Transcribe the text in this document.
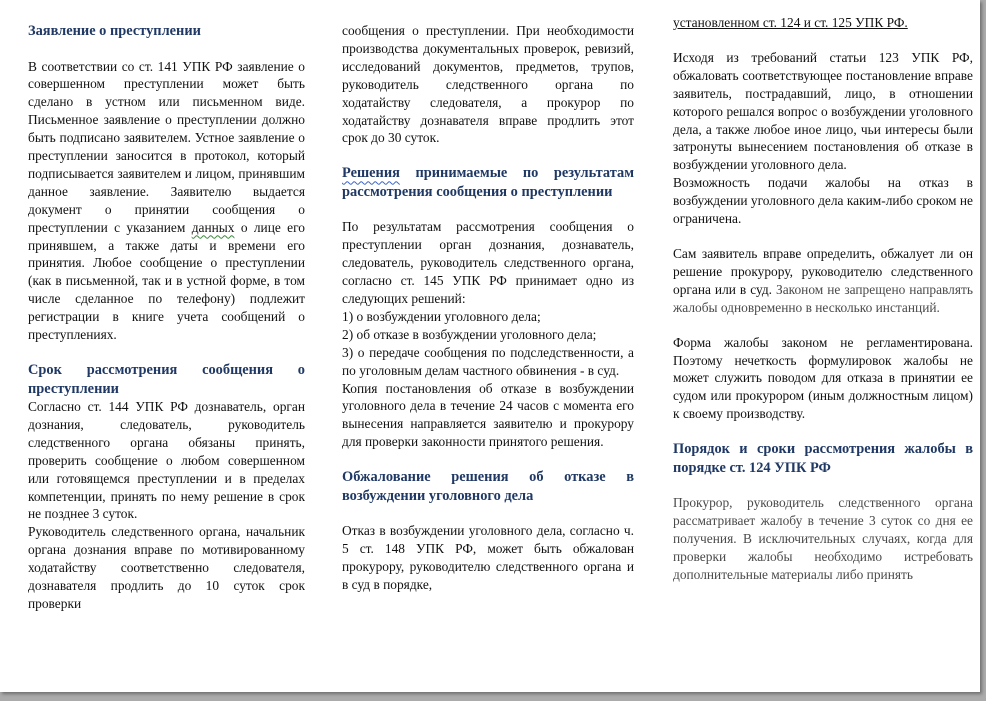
Заявление о преступлении

В соответствии со ст. 141 УПК РФ заявление о совершенном преступлении может быть сделано в устном или письменном виде. Письменное заявление о преступлении должно быть подписано заявителем. Устное заявление о преступлении заносится в протокол, который подписывается заявителем и лицом, принявшим данное заявление. Заявителю выдается документ о принятии сообщения о преступлении с указанием данных о лице его принявшем, а также даты и времени его принятия. Любое сообщение о преступлении (как в письменной, так и в устной форме, в том числе сделанное по телефону) подлежит регистрации в книге учета сообщений о преступлениях.

Срок рассмотрения сообщения о преступлении

Согласно ст. 144 УПК РФ дознаватель, орган дознания, следователь, руководитель следственного органа обязаны принять, проверить сообщение о любом совершенном или готовящемся преступлении и в пределах компетенции, принять по нему решение в срок не позднее 3 суток.

Руководитель следственного органа, начальник органа дознания вправе по мотивированному ходатайству соответственно следователя, дознавателя продлить до 10 суток срок проверки

сообщения о преступлении. При необходимости производства документальных проверок, ревизий, исследований документов, предметов, трупов, руководитель следственного органа по ходатайству следователя, а прокурор по ходатайству дознавателя вправе продлить этот срок до 30 суток.

Решения принимаемые по результатам рассмотрения сообщения о преступлении

По результатам рассмотрения сообщения о преступлении орган дознания, дознаватель, следователь, руководитель следственного органа, согласно ст. 145 УПК РФ принимает одно из следующих решений:

1) о возбуждении уголовного дела;

2) об отказе в возбуждении уголовного дела;

3) о передаче сообщения по подследственности, а по уголовным делам частного обвинения - в суд.

Копия постановления об отказе в возбуждении уголовного дела в течение 24 часов с момента его вынесения направляется заявителю и прокурору для проверки законности принятого решения.

Обжалование решения об отказе в возбуждении уголовного дела

Отказ в возбуждении уголовного дела, согласно ч. 5 ст. 148 УПК РФ, может быть обжалован прокурору, руководителю следственного органа и в суд в порядке,

установленном ст. 124 и ст. 125 УПК РФ.

Исходя из требований статьи 123 УПК РФ, обжаловать соответствующее постановление вправе заявитель, пострадавший, лицо, в отношении которого решался вопрос о возбуждении уголовного дела, а также любое иное лицо, чьи интересы были затронуты вынесением постановления об отказе в возбуждении уголовного дела.

Возможность подачи жалобы на отказ в возбуждении уголовного дела каким-либо сроком не ограничена.

Сам заявитель вправе определить, обжалует ли он решение прокурору, руководителю следственного органа или в суд. Законом не запрещено направлять жалобы одновременно в несколько инстанций.

Форма жалобы законом не регламентирована. Поэтому нечеткость формулировок жалобы не может служить поводом для отказа в принятии ее судом или прокурором (иным должностным лицом) к своему производству.

Порядок и сроки рассмотрения жалобы в порядке ст. 124 УПК РФ

Прокурор, руководитель следственного органа рассматривает жалобу в течение 3 суток со дня ее получения. В исключительных случаях, когда для проверки жалобы необходимо истребовать дополнительные материалы либо принять
